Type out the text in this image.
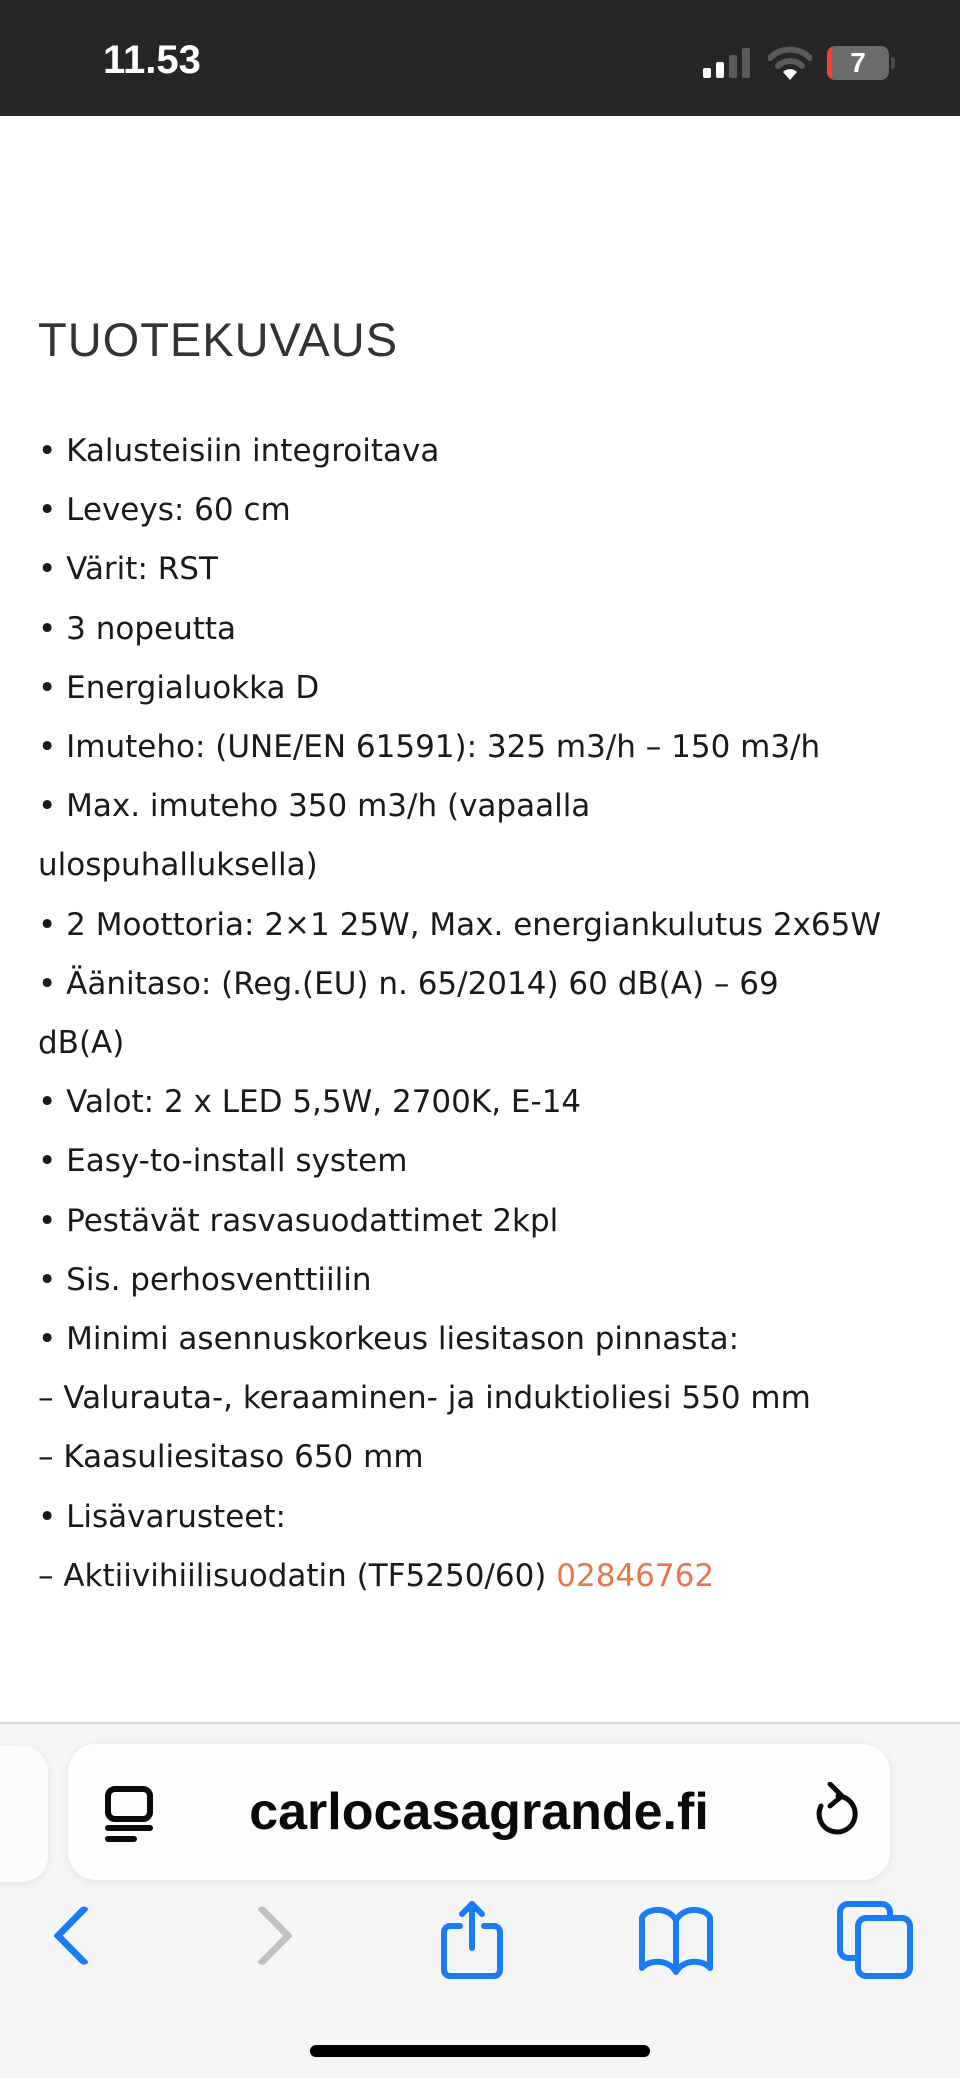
11.53	7
TUOTEKUVAUS
• Kalusteisiin integroitava
• Leveys: 60 cm
• Värit: RST
• 3 nopeutta
• Energialuokka D
• Imuteho: (UNE/EN 61591): 325 m3/h – 150 m3/h
• Max. imuteho 350 m3/h (vapaalla
ulospuhalluksella)
• 2 Moottoria: 2×1 25W, Max. energiankulutus 2x65W
• Äänitaso: (Reg.(EU) n. 65/2014) 60 dB(A) – 69
dB(A)
• Valot: 2 x LED 5,5W, 2700K, E-14
• Easy-to-install system
• Pestävät rasvasuodattimet 2kpl
• Sis. perhosventtiilin
• Minimi asennuskorkeus liesitason pinnasta:
– Valurauta-, keraaminen- ja induktioliesi 550 mm
– Kaasuliesitaso 650 mm
• Lisävarusteet:
– Aktiivihiilisuodatin (TF5250/60) 02846762
carlocasagrande.fi
